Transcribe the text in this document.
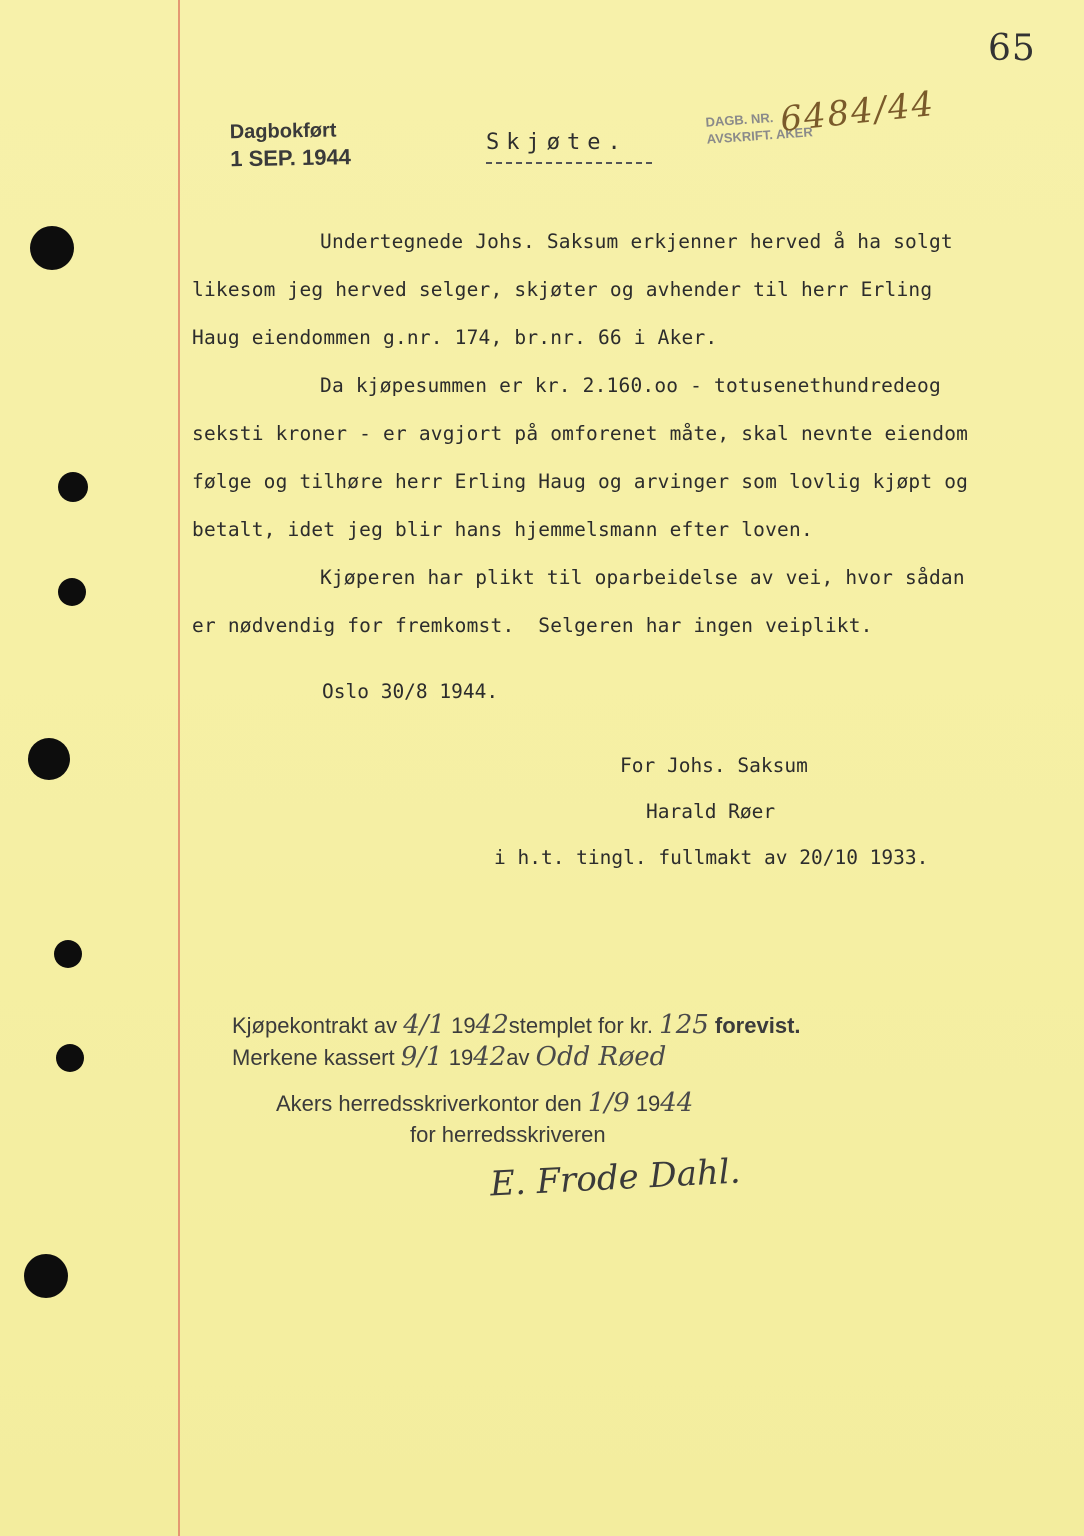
65
Dagbokført
1 SEP. 1944
DAGB. NR.
AVSKRIFT. AKER
6484/44
Skjøte.
Undertegnede Johs. Saksum erkjenner herved å ha solgt
likesom jeg herved selger, skjøter og avhender til herr Erling
Haug eiendommen g.nr. 174, br.nr. 66 i Aker.
Da kjøpesummen er kr. 2.160.oo - totusenethundredeog
seksti kroner - er avgjort på omforenet måte, skal nevnte eiendom
følge og tilhøre herr Erling Haug og arvinger som lovlig kjøpt og
betalt, idet jeg blir hans hjemmelsmann efter loven.
Kjøperen har plikt til oparbeidelse av vei, hvor sådan
er nødvendig for fremkomst.  Selgeren har ingen veiplikt.
Oslo 30/8 1944.
For Johs. Saksum
Harald Røer
i h.t. tingl. fullmakt av 20/10 1933.
Kjøpekontrakt av 4/1 1942stemplet for kr. 125 forevist.
Merkene kassert 9/1 1942av Odd Røed
Akers herredsskriverkontor den 1/9 1944
for herredsskriveren
E. Frode Dahl.
